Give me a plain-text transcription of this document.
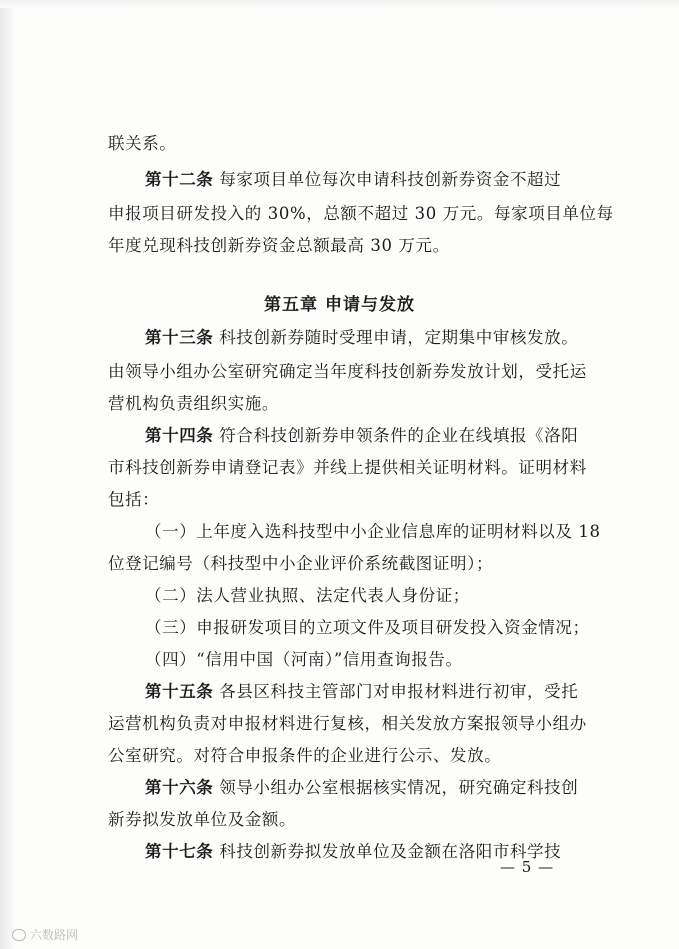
联关系。
第十二条 每家项目单位每次申请科技创新券资金不超过
申报项目研发投入的 30%，总额不超过 30 万元。每家项目单位每
年度兑现科技创新券资金总额最高 30 万元。
第五章 申请与发放
第十三条 科技创新券随时受理申请，定期集中审核发放。
由领导小组办公室研究确定当年度科技创新券发放计划，受托运
营机构负责组织实施。
第十四条 符合科技创新券申领条件的企业在线填报《洛阳
市科技创新券申请登记表》并线上提供相关证明材料。证明材料
包括：
（一）上年度入选科技型中小企业信息库的证明材料以及 18
位登记编号（科技型中小企业评价系统截图证明）；
（二）法人营业执照、法定代表人身份证；
（三）申报研发项目的立项文件及项目研发投入资金情况；
（四）“信用中国（河南）”信用查询报告。
第十五条 各县区科技主管部门对申报材料进行初审，受托
运营机构负责对申报材料进行复核，相关发放方案报领导小组办
公室研究。对符合申报条件的企业进行公示、发放。
第十六条 领导小组办公室根据核实情况，研究确定科技创
新券拟发放单位及金额。
第十七条 科技创新券拟发放单位及金额在洛阳市科学技
— 5 —
六数路网
